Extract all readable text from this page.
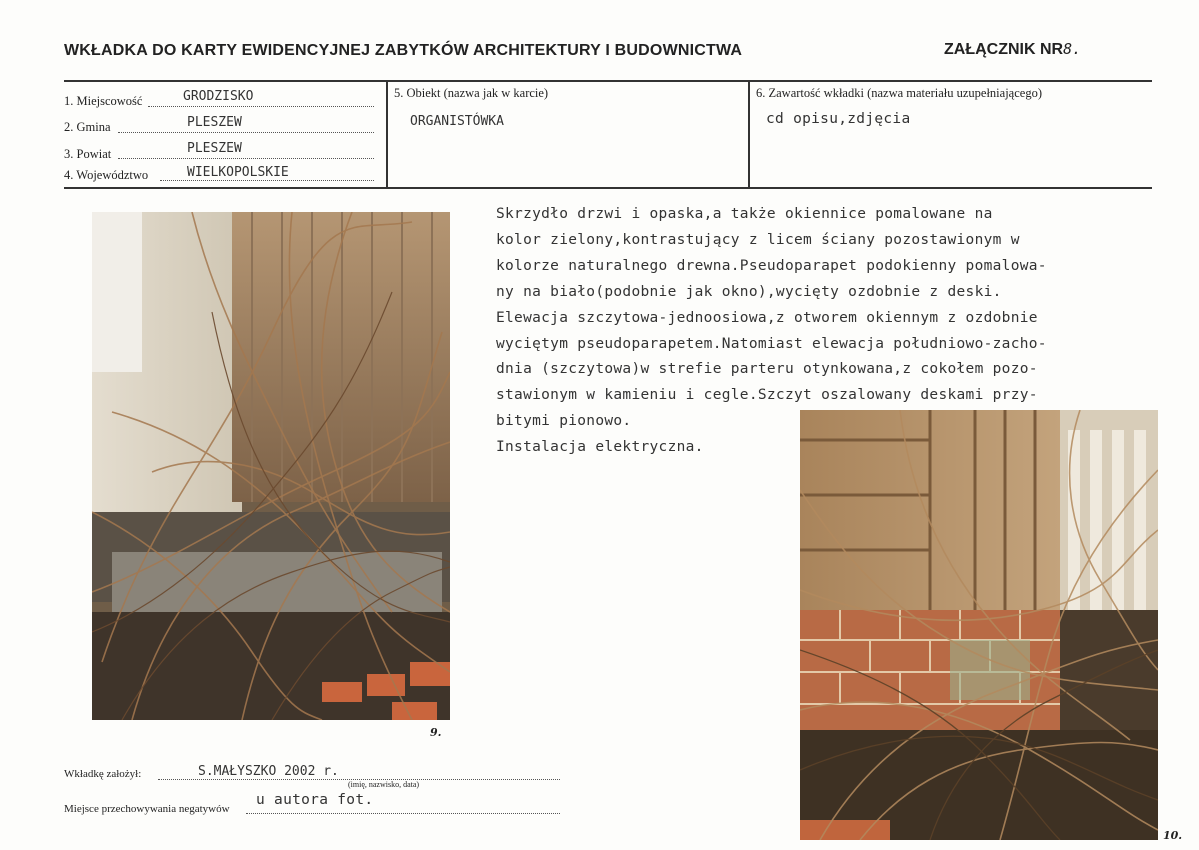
WKŁADKA DO KARTY EWIDENCYJNEJ ZABYTKÓW ARCHITEKTURY I BUDOWNICTWA	ZAŁĄCZNIK NR8.
1. Miejscowość	GRODZISKO
2. Gmina	PLESZEW
3. Powiat	PLESZEW
4. Województwo	WIELKOPOLSKIE
5. Obiekt (nazwa jak w karcie)
ORGANISTÓWKA
6. Zawartość wkładki (nazwa materiału uzupełniającego)
cd opisu,zdjęcia
9.
Skrzydło drzwi i opaska,a także okiennice pomalowane na
kolor zielony,kontrastujący z licem ściany pozostawionym w
kolorze naturalnego drewna.Pseudoparapet podokienny pomalowa-
ny na biało(podobnie jak okno),wycięty ozdobnie z deski.
Elewacja szczytowa-jednoosiowa,z otworem okiennym z ozdobnie
wyciętym pseudoparapetem.Natomiast elewacja południowo-zacho-
dnia (szczytowa)w strefie parteru otynkowana,z cokołem pozo-
stawionym w kamieniu i cegle.Szczyt oszalowany deskami przy-
bitymi pionowo.
Instalacja elektryczna.
10.
Wkładkę założył:	S.MAŁYSZKO 2002 r.
(imię, nazwisko, data)
Miejsce przechowywania negatywów
u autora fot.
